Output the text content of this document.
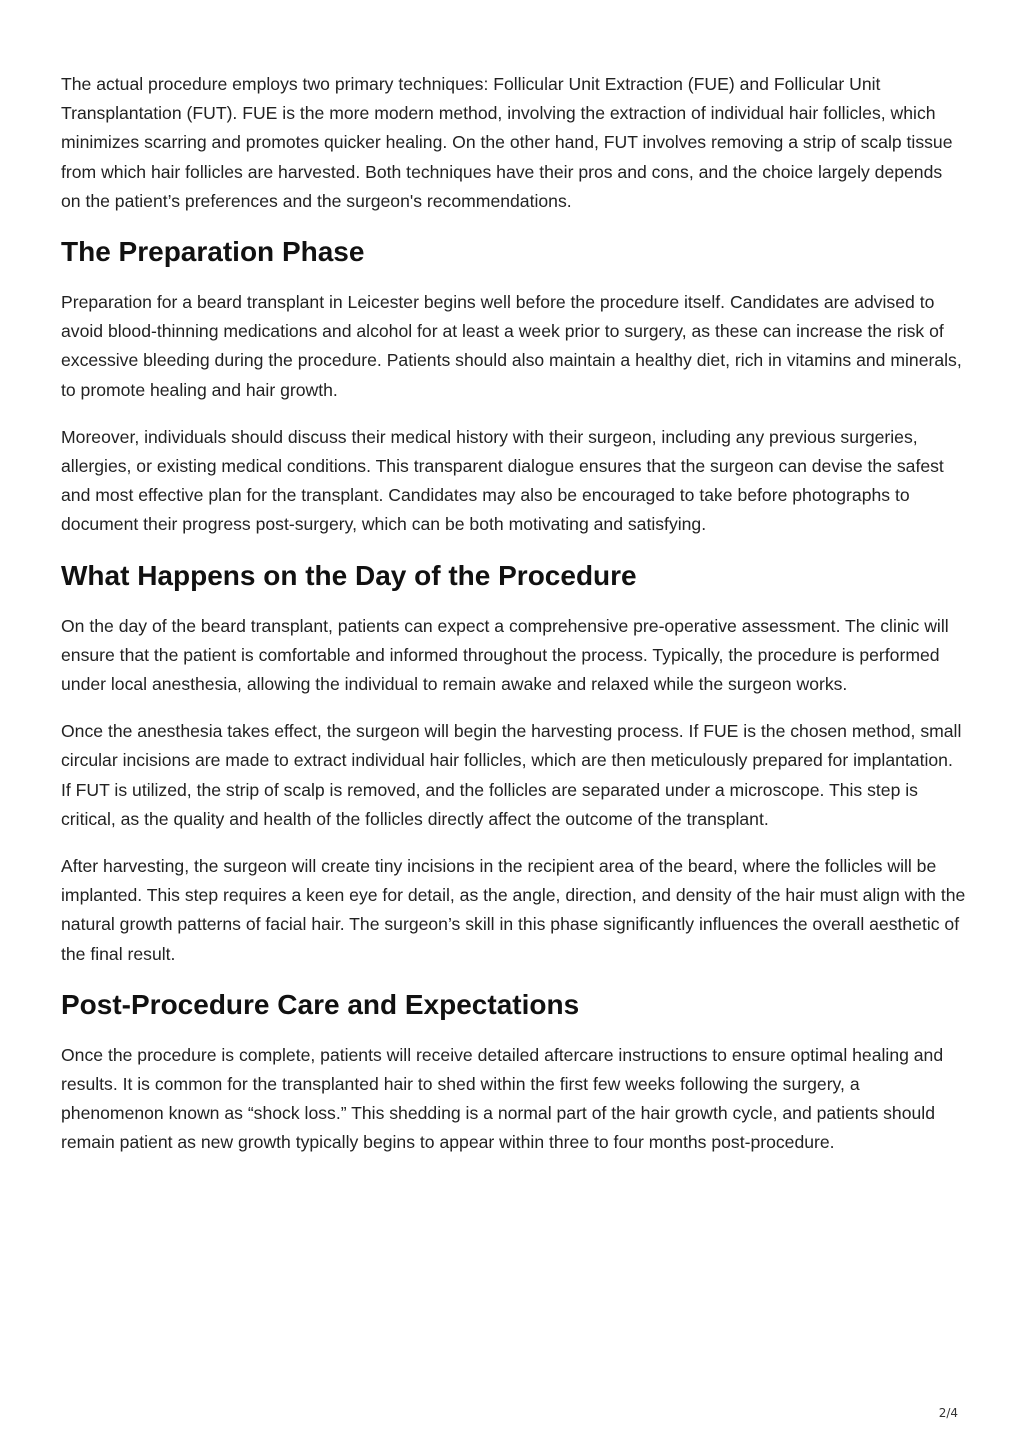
The actual procedure employs two primary techniques: Follicular Unit Extraction (FUE) and Follicular Unit Transplantation (FUT). FUE is the more modern method, involving the extraction of individual hair follicles, which minimizes scarring and promotes quicker healing. On the other hand, FUT involves removing a strip of scalp tissue from which hair follicles are harvested. Both techniques have their pros and cons, and the choice largely depends on the patient’s preferences and the surgeon's recommendations.

The Preparation Phase

Preparation for a beard transplant in Leicester begins well before the procedure itself. Candidates are advised to avoid blood-thinning medications and alcohol for at least a week prior to surgery, as these can increase the risk of excessive bleeding during the procedure. Patients should also maintain a healthy diet, rich in vitamins and minerals, to promote healing and hair growth.

Moreover, individuals should discuss their medical history with their surgeon, including any previous surgeries, allergies, or existing medical conditions. This transparent dialogue ensures that the surgeon can devise the safest and most effective plan for the transplant. Candidates may also be encouraged to take before photographs to document their progress post-surgery, which can be both motivating and satisfying.

What Happens on the Day of the Procedure

On the day of the beard transplant, patients can expect a comprehensive pre-operative assessment. The clinic will ensure that the patient is comfortable and informed throughout the process. Typically, the procedure is performed under local anesthesia, allowing the individual to remain awake and relaxed while the surgeon works.

Once the anesthesia takes effect, the surgeon will begin the harvesting process. If FUE is the chosen method, small circular incisions are made to extract individual hair follicles, which are then meticulously prepared for implantation. If FUT is utilized, the strip of scalp is removed, and the follicles are separated under a microscope. This step is critical, as the quality and health of the follicles directly affect the outcome of the transplant.

After harvesting, the surgeon will create tiny incisions in the recipient area of the beard, where the follicles will be implanted. This step requires a keen eye for detail, as the angle, direction, and density of the hair must align with the natural growth patterns of facial hair. The surgeon’s skill in this phase significantly influences the overall aesthetic of the final result.

Post-Procedure Care and Expectations

Once the procedure is complete, patients will receive detailed aftercare instructions to ensure optimal healing and results. It is common for the transplanted hair to shed within the first few weeks following the surgery, a phenomenon known as “shock loss.” This shedding is a normal part of the hair growth cycle, and patients should remain patient as new growth typically begins to appear within three to four months post-procedure.

2/4
